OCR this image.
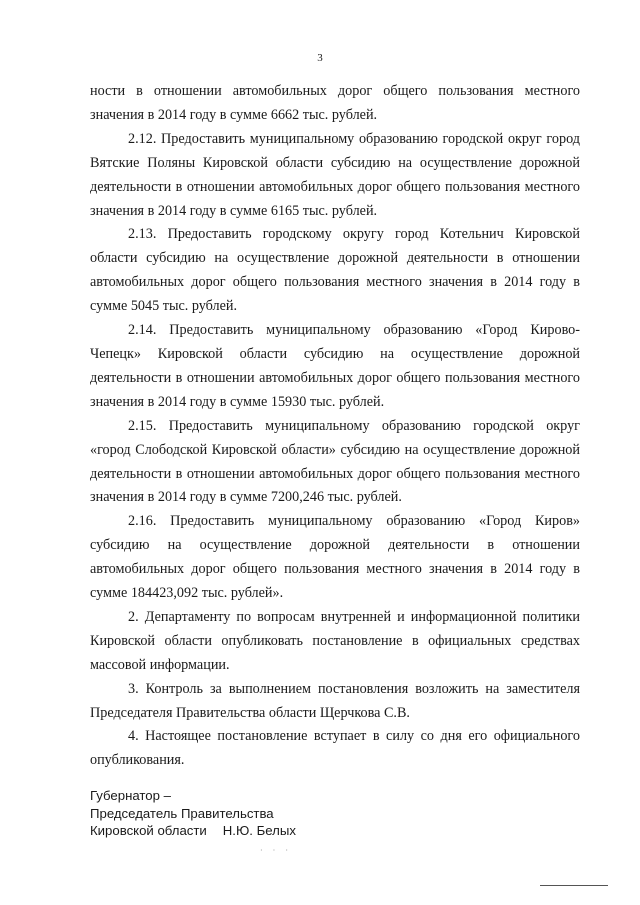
3

ности в отношении автомобильных дорог общего пользования местного значения в 2014 году в сумме 6662 тыс. рублей.

2.12. Предоставить муниципальному образованию городской округ город Вятские Поляны Кировской области субсидию на осуществление дорожной деятельности в отношении автомобильных дорог общего пользования местного значения в 2014 году в сумме 6165 тыс. рублей.

2.13. Предоставить городскому округу город Котельнич Кировской области субсидию на осуществление дорожной деятельности в отношении автомобильных дорог общего пользования местного значения в 2014 году в сумме 5045 тыс. рублей.

2.14. Предоставить муниципальному образованию «Город Кирово-Чепецк» Кировской области субсидию на осуществление дорожной деятельности в отношении автомобильных дорог общего пользования местного значения в 2014 году в сумме 15930 тыс. рублей.

2.15. Предоставить муниципальному образованию городской округ «город Слободской Кировской области» субсидию на осуществление дорожной деятельности в отношении автомобильных дорог общего пользования местного значения в 2014 году в сумме 7200,246 тыс. рублей.

2.16. Предоставить муниципальному образованию «Город Киров» субсидию на осуществление дорожной деятельности в отношении автомобильных дорог общего пользования местного значения в 2014 году в сумме 184423,092 тыс. рублей».

2. Департаменту по вопросам внутренней и информационной политики Кировской области опубликовать постановление в официальных средствах массовой информации.

3. Контроль за выполнением постановления возложить на заместителя Председателя Правительства области Щерчкова С.В.

4. Настоящее постановление вступает в силу со дня его официального опубликования.

Губернатор –
Председатель Правительства
Кировской области Н.Ю. Белых
· · ·
